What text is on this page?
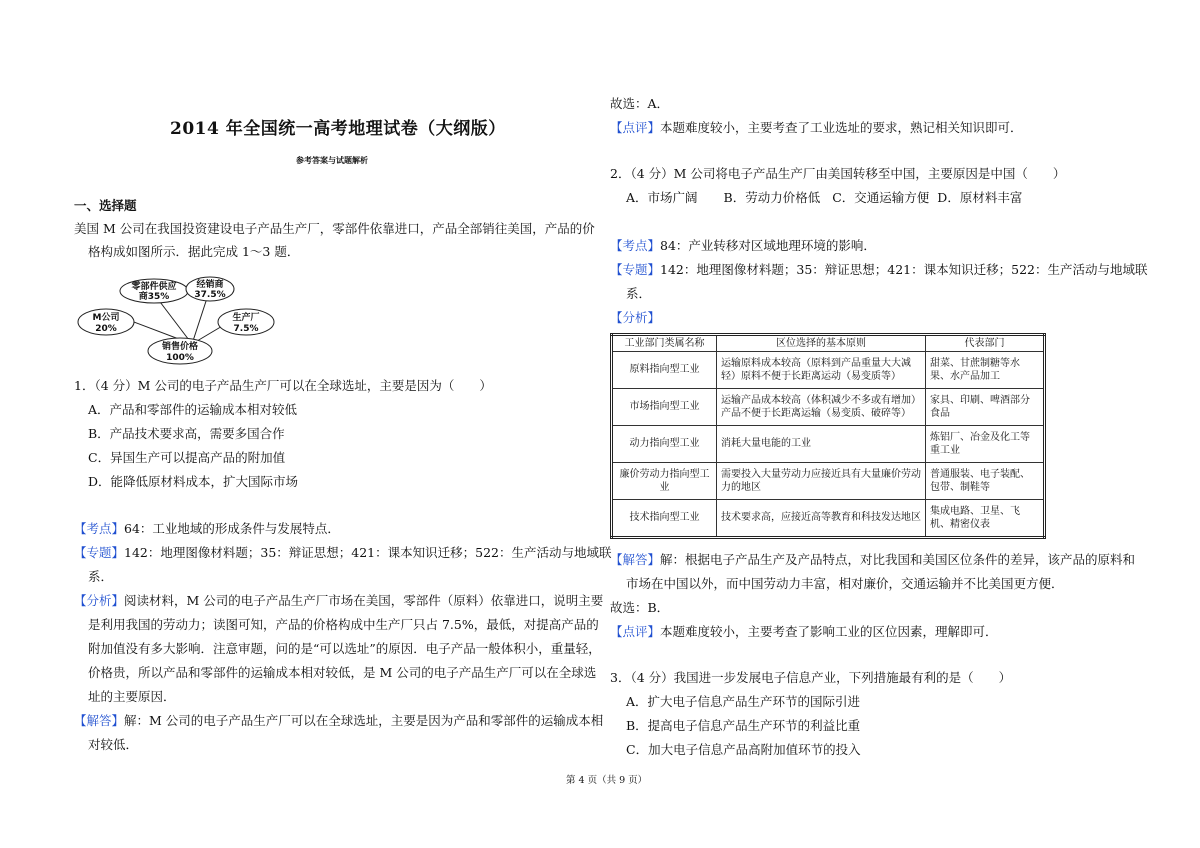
2014 年全国统一高考地理试卷（大纲版）
参考答案与试题解析
一、选择题
美国 M 公司在我国投资建设电子产品生产厂，零部件依靠进口，产品全部销往美国，产品的价
格构成如图所示．据此完成 1～3 题．
零部件供应
商35%
经销商
37.5%
M公司
20%
生产厂
7.5%
销售价格
100%
1．（4 分）M 公司的电子产品生产厂可以在全球选址，主要是因为（　　）
A．产品和零部件的运输成本相对较低
B．产品技术要求高，需要多国合作
C．异国生产可以提高产品的附加值
D．能降低原材料成本，扩大国际市场
【考点】64：工业地域的形成条件与发展特点．
【专题】142：地理图像材料题；35：辩证思想；421：课本知识迁移；522：生产活动与地域联
系．
【分析】阅读材料，M 公司的电子产品生产厂市场在美国，零部件（原料）依靠进口，说明主要
是利用我国的劳动力；读图可知，产品的价格构成中生产厂只占 7.5%，最低，对提高产品的
附加值没有多大影响．注意审题，问的是“可以选址”的原因．电子产品一般体积小，重量轻，
价格贵，所以产品和零部件的运输成本相对较低，是 M 公司的电子产品生产厂可以在全球选
址的主要原因．
【解答】解：M 公司的电子产品生产厂可以在全球选址，主要是因为产品和零部件的运输成本相
对较低．
故选：A．
【点评】本题难度较小，主要考查了工业选址的要求，熟记相关知识即可．
2．（4 分）M 公司将电子产品生产厂由美国转移至中国，主要原因是中国（　　）
A．市场广阔 B．劳动力价格低 C．交通运输方便 D．原材料丰富
【考点】84：产业转移对区域地理环境的影响．
【专题】142：地理图像材料题；35：辩证思想；421：课本知识迁移；522：生产活动与地域联
系．
【分析】
工业部门类属名称	区位选择的基本原则	代表部门
原料指向型工业	运输原料成本较高（原料到产品重量大大减轻）原料不便于长距离运动（易变质等）	甜菜、甘蔗制糖等水果、水产品加工
市场指向型工业	运输产品成本较高（体积减少不多或有增加）产品不便于长距离运输（易变质、破碎等）	家具、印刷、啤酒部分食品
动力指向型工业	消耗大量电能的工业	炼铝厂、冶金及化工等重工业
廉价劳动力指向型工业	需要投入大量劳动力应接近具有大量廉价劳动力的地区	普通服装、电子装配、包带、制鞋等
技术指向型工业	技术要求高，应接近高等教育和科技发达地区	集成电路、卫星、飞机、精密仪表
【解答】解：根据电子产品生产及产品特点，对比我国和美国区位条件的差异，该产品的原料和
市场在中国以外，而中国劳动力丰富，相对廉价，交通运输并不比美国更方便．
故选：B．
【点评】本题难度较小，主要考查了影响工业的区位因素，理解即可．
3．（4 分）我国进一步发展电子信息产业，下列措施最有利的是（　　）
A．扩大电子信息产品生产环节的国际引进
B．提高电子信息产品生产环节的利益比重
C．加大电子信息产品高附加值环节的投入
第 4 页（共 9 页）
